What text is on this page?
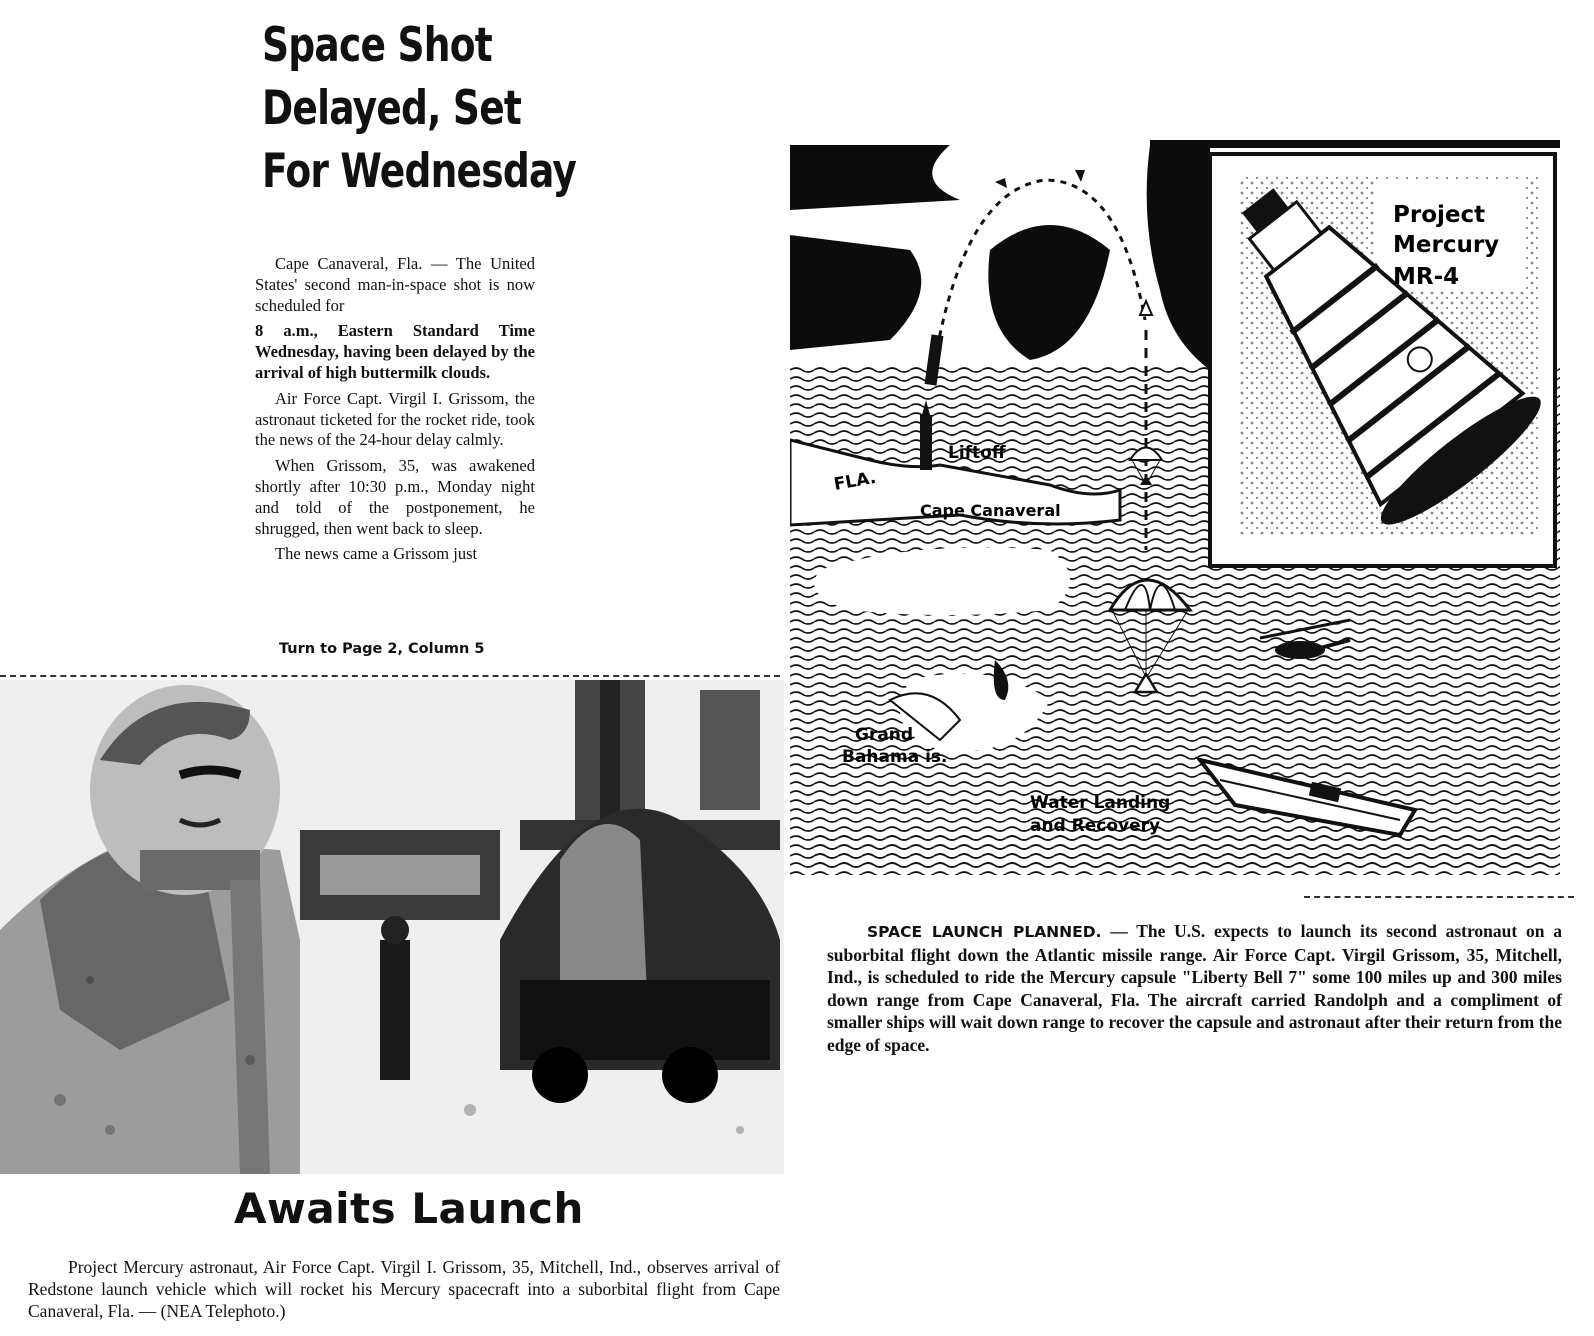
Space Shot
Delayed, Set
For Wednesday

Cape Canaveral, Fla. — The United States' second man-in-space shot is now scheduled for

8 a.m., Eastern Standard Time Wednesday, having been delayed by the arrival of high buttermilk clouds.

Air Force Capt. Virgil I. Grissom, the astronaut ticketed for the rocket ride, took the news of the 24-hour delay calmly.

When Grissom, 35, was awakened shortly after 10:30 p.m., Monday night and told of the postponement, he shrugged, then went back to sleep.

The news came a Grissom just

Turn to Page 2, Column 5
Awaits Launch
Project Mercury astronaut, Air Force Capt. Virgil I. Grissom, 35, Mitchell, Ind., observes arrival of Redstone launch vehicle which will rocket his Mercury spacecraft into a suborbital flight from Cape Canaveral, Fla. — (NEA Telephoto.)
Project
Mercury
MR-4
Liftoff
FLA.
Cape Canaveral
Grand
Bahama is.
Water Landing
and Recovery
SPACE LAUNCH PLANNED. — The U.S. expects to launch its second astronaut on a suborbital flight down the Atlantic missile range. Air Force Capt. Virgil Grissom, 35, Mitchell, Ind., is scheduled to ride the Mercury capsule "Liberty Bell 7" some 100 miles up and 300 miles down range from Cape Canaveral, Fla. The aircraft carried Randolph and a compliment of smaller ships will wait down range to recover the capsule and astronaut after their return from the edge of space.
